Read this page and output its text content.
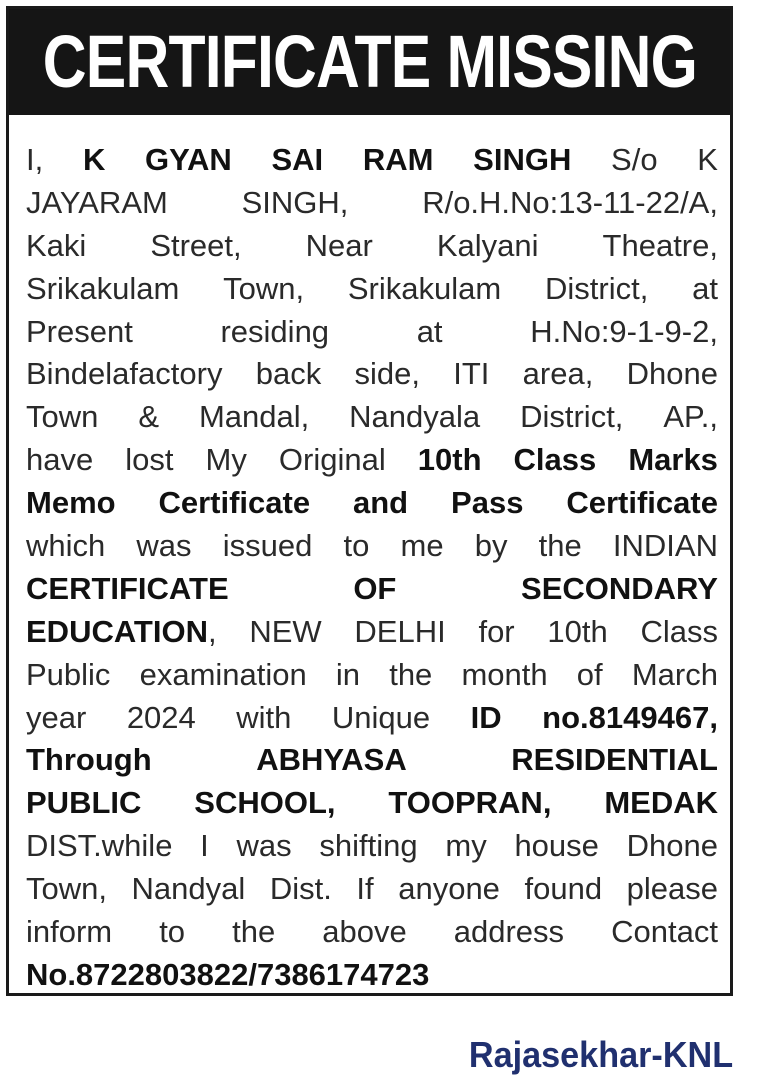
CERTIFICATE MISSING
I, K GYAN SAI RAM SINGH S/o K
JAYARAM SINGH, R/o.H.No:13-11-22/A,
Kaki Street, Near Kalyani Theatre,
Srikakulam Town, Srikakulam District, at
Present	residing	at	H.No:9-1-9-2,
Bindelafactory back side, ITI area, Dhone
Town & Mandal, Nandyala District, AP.,
have lost My Original 10th Class Marks
Memo Certificate and Pass Certificate
which was issued to me by the INDIAN
CERTIFICATE	OF	SECONDARY
EDUCATION, NEW DELHI for 10th Class
Public examination in the month of March
year 2024 with Unique ID no.8149467,
Through	ABHYASA	RESIDENTIAL
PUBLIC SCHOOL, TOOPRAN, MEDAK
DIST.while I was shifting my house Dhone
Town, Nandyal Dist. If anyone found please
inform to the above address Contact
No.8722803822/7386174723
Rajasekhar-KNL
